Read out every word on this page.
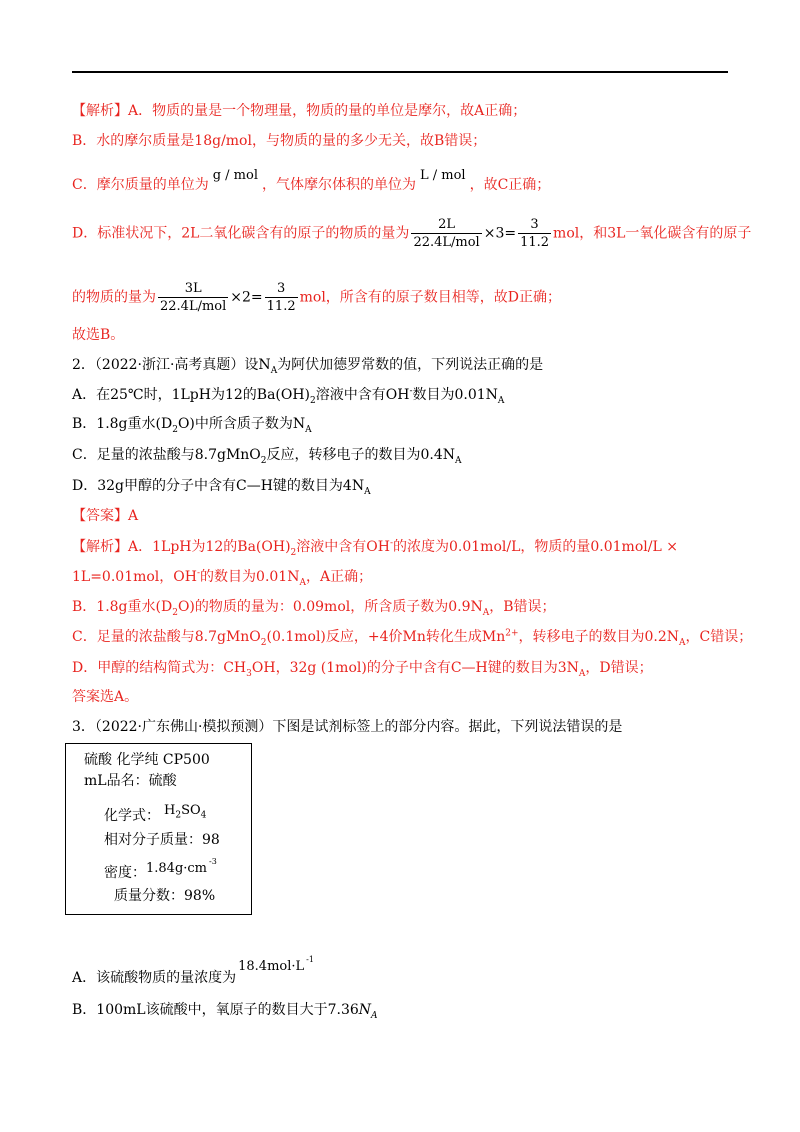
【解析】A．物质的量是一个物理量，物质的量的单位是摩尔，故A正确；
B．水的摩尔质量是18g/mol，与物质的量的多少无关，故B错误；
C．摩尔质量的单位为g / mol，气体摩尔体积的单位为L / mol，故C正确；
D．标准状况下，2L二氧化碳含有的原子的物质的量为 $\frac{2L}{\text{22.4L/mol}} \times 3= \frac{3}{11.2}$ mol，和3L一氧化碳含有的原子
的物质的量为 $\frac{3L}{\text{22.4L/mol}} \times 2= \frac{3}{11.2}$ mol，所含有的原子数目相等，故D正确；
故选B。
2．（2022·浙江·高考真题）设$N_A$为阿伏加德罗常数的值，下列说法正确的是
A．在25℃时，1LpH为12的$Ba(OH)_2$溶液中含有OH-数目为$0.01N_A$
B．1.8g重水$(D_2O)$中所含质子数为$N_A$
C．足量的浓盐酸与8.7gMnO$_2$反应，转移电子的数目为$0.4N_A$
D．32g甲醇的分子中含有C—H键的数目为$4N_A$
【答案】A
【解析】A．1LpH为12的$Ba(OH)_2$溶液中含有OH-的浓度为0.01mol/L，物质的量0.01mol/L ×
1L=0.01mol，OH-的数目为$0.01N_A$，A正确；
B．1.8g重水$(D_2O)$的物质的量为：0.09mol，所含质子数为$0.9N_A$，B错误；
C．足量的浓盐酸与8.7gMnO$_2$(0.1mol)反应，+4价Mn转化生成$Mn^{2+}$，转移电子的数目为$0.2N_A$，C错误；
D．甲醇的结构简式为：$CH_3OH$，32g (1mol)的分子中含有C—H键的数目为$3N_A$，D错误；
答案选A。
3．（2022·广东佛山·模拟预测）下图是试剂标签上的部分内容。据此，下列说法错误的是
硫酸 化学纯 CP500
mL品名：硫酸
化学式： $H_2SO_4$
相对分子质量：98
密度：1.84g·cm $^{-3}$
质量分数：98%
A．该硫酸物质的量浓度为18.4mol·L $^{-1}$
B．100mL该硫酸中，氧原子的数目大于$7.36N_A$
